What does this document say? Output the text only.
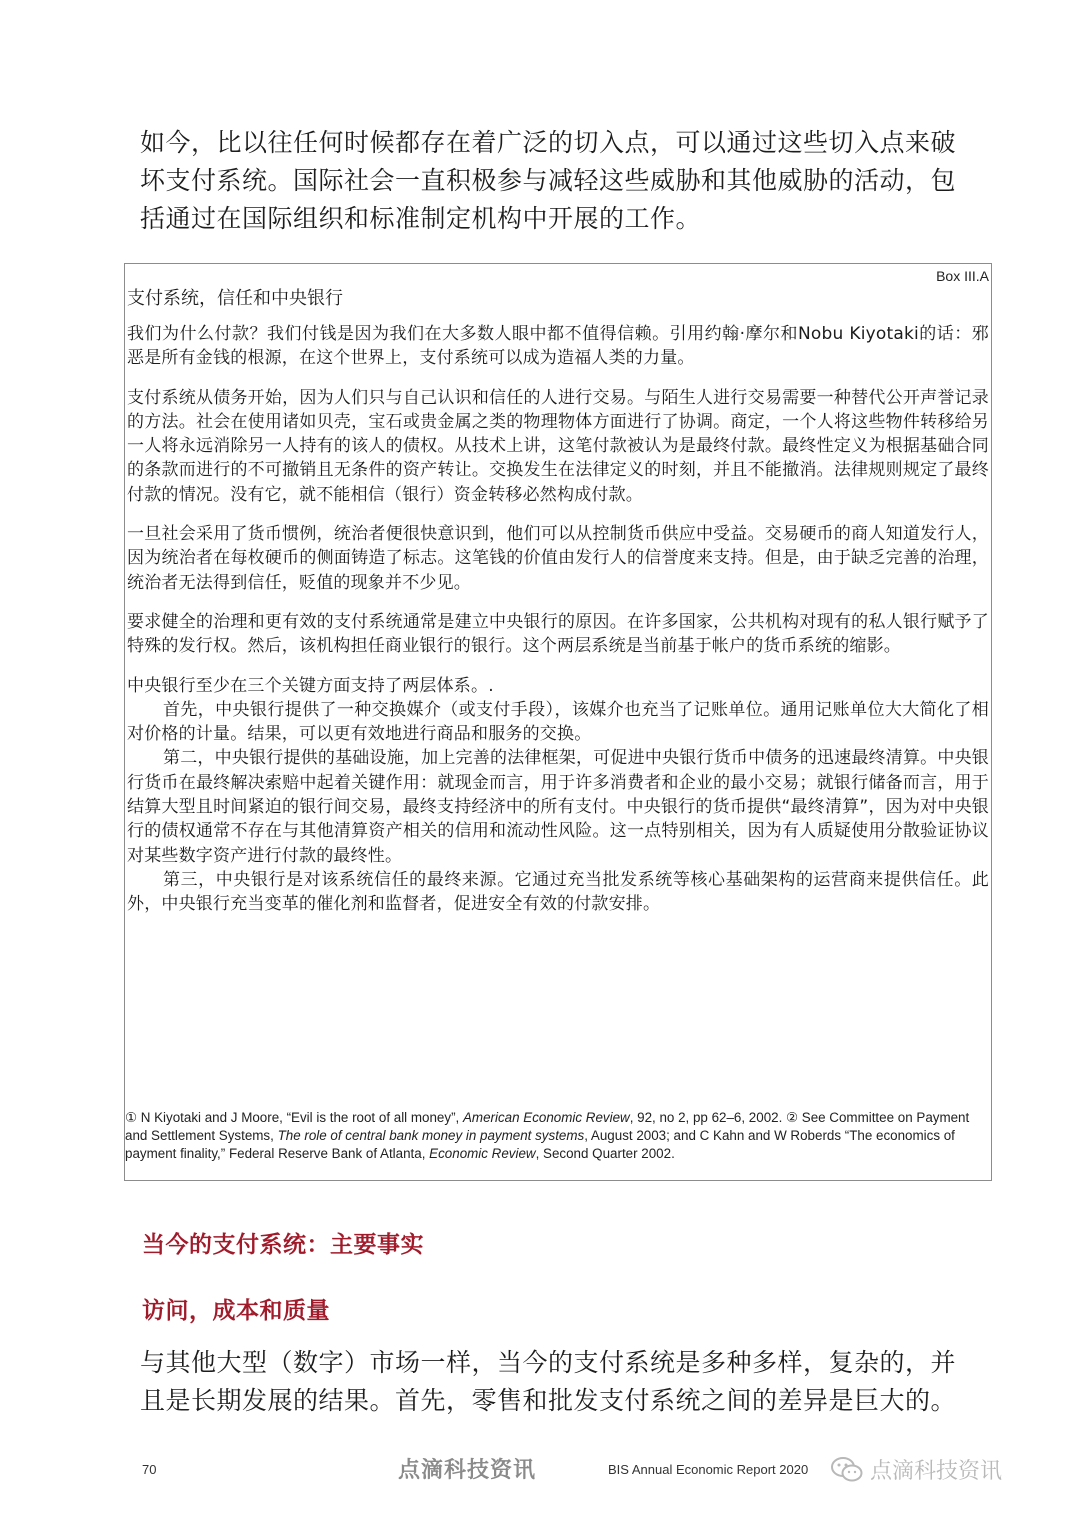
如今，比以往任何时候都存在着广泛的切入点，可以通过这些切入点来破坏支付系统。国际社会一直积极参与减轻这些威胁和其他威胁的活动，包括通过在国际组织和标准制定机构中开展的工作。

Box III.A

支付系统，信任和中央银行

我们为什么付款？我们付钱是因为我们在大多数人眼中都不值得信赖。引用约翰·摩尔和Nobu Kiyotaki的话：邪恶是所有金钱的根源，在这个世界上，支付系统可以成为造福人类的力量。

支付系统从债务开始，因为人们只与自己认识和信任的人进行交易。与陌生人进行交易需要一种替代公开声誉记录的方法。社会在使用诸如贝壳，宝石或贵金属之类的物理物体方面进行了协调。商定，一个人将这些物件转移给另一人将永远消除另一人持有的该人的债权。从技术上讲，这笔付款被认为是最终付款。最终性定义为根据基础合同的条款而进行的不可撤销且无条件的资产转让。交换发生在法律定义的时刻，并且不能撤消。法律规则规定了最终付款的情况。没有它，就不能相信（银行）资金转移必然构成付款。

一旦社会采用了货币惯例，统治者便很快意识到，他们可以从控制货币供应中受益。交易硬币的商人知道发行人，因为统治者在每枚硬币的侧面铸造了标志。这笔钱的价值由发行人的信誉度来支持。但是，由于缺乏完善的治理，统治者无法得到信任，贬值的现象并不少见。

要求健全的治理和更有效的支付系统通常是建立中央银行的原因。在许多国家，公共机构对现有的私人银行赋予了特殊的发行权。然后，该机构担任商业银行的银行。这个两层系统是当前基于帐户的货币系统的缩影。

中央银行至少在三个关键方面支持了两层体系。.

首先，中央银行提供了一种交换媒介（或支付手段），该媒介也充当了记账单位。通用记账单位大大简化了相对价格的计量。结果，可以更有效地进行商品和服务的交换。

第二，中央银行提供的基础设施，加上完善的法律框架，可促进中央银行货币中债务的迅速最终清算。中央银行货币在最终解决索赔中起着关键作用：就现金而言，用于许多消费者和企业的最小交易；就银行储备而言，用于结算大型且时间紧迫的银行间交易，最终支持经济中的所有支付。中央银行的货币提供“最终清算”，因为对中央银行的债权通常不存在与其他清算资产相关的信用和流动性风险。这一点特别相关，因为有人质疑使用分散验证协议对某些数字资产进行付款的最终性。

第三，中央银行是对该系统信任的最终来源。它通过充当批发系统等核心基础架构的运营商来提供信任。此外，中央银行充当变革的催化剂和监督者，促进安全有效的付款安排。

① N Kiyotaki and J Moore, “Evil is the root of all money”, American Economic Review, 92, no 2, pp 62–6, 2002. ② See Committee on Payment and Settlement Systems, The role of central bank money in payment systems, August 2003; and C Kahn and W Roberds “The economics of payment finality,” Federal Reserve Bank of Atlanta, Economic Review, Second Quarter 2002.

当今的支付系统：主要事实
访问，成本和质量

与其他大型（数字）市场一样，当今的支付系统是多种多样，复杂的，并且是长期发展的结果。首先，零售和批发支付系统之间的差异是巨大的。

70	点滴科技资讯	BIS Annual Economic Report 2020	点滴科技资讯
